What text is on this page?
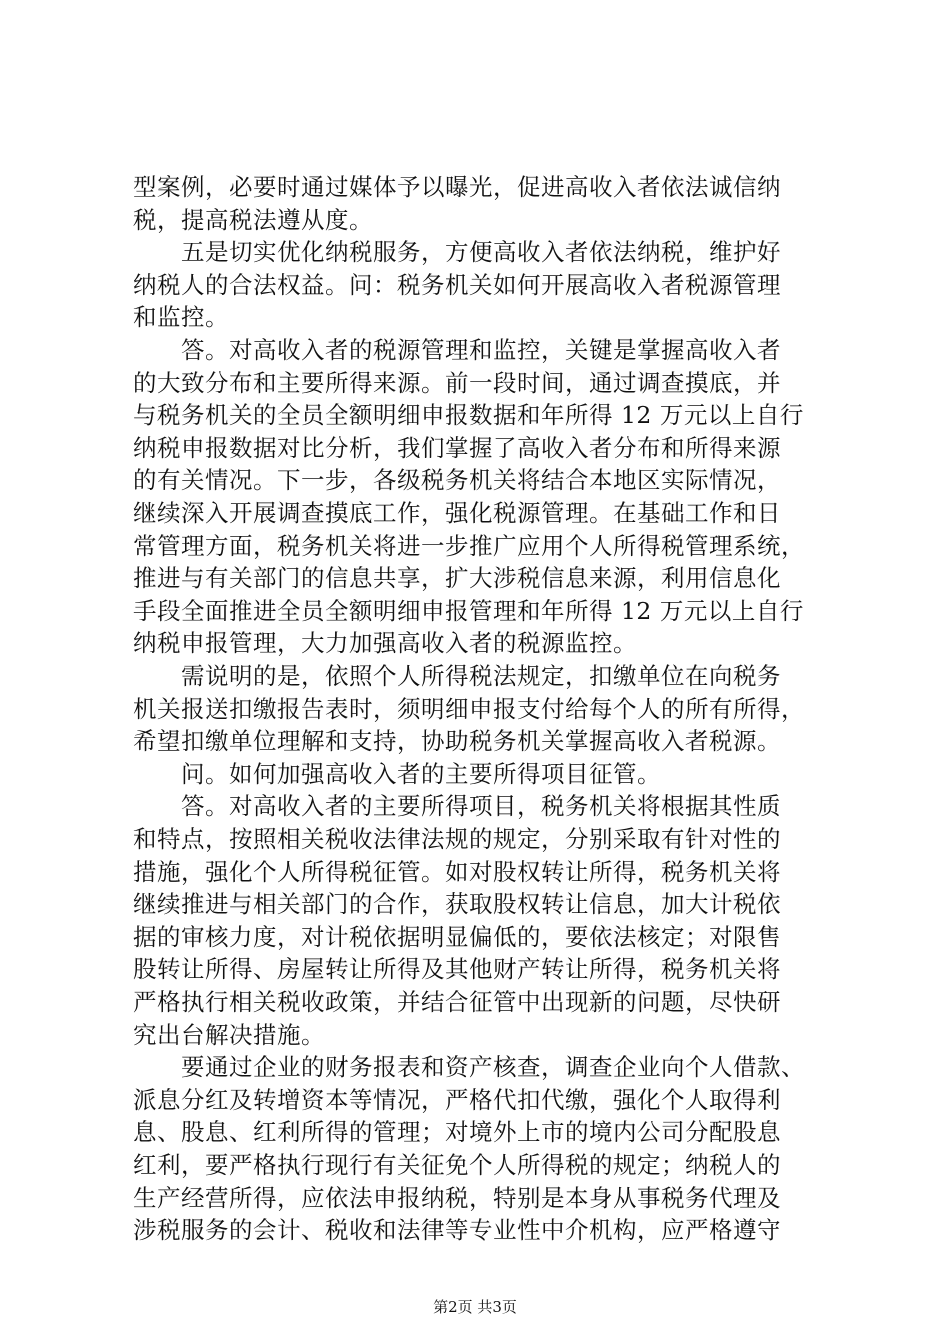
型案例，必要时通过媒体予以曝光，促进高收入者依法诚信纳
税，提高税法遵从度。
　　五是切实优化纳税服务，方便高收入者依法纳税，维护好
纳税人的合法权益。问：税务机关如何开展高收入者税源管理
和监控。
　　答。对高收入者的税源管理和监控，关键是掌握高收入者
的大致分布和主要所得来源。前一段时间，通过调查摸底，并
与税务机关的全员全额明细申报数据和年所得 12 万元以上自行
纳税申报数据对比分析，我们掌握了高收入者分布和所得来源
的有关情况。下一步，各级税务机关将结合本地区实际情况，
继续深入开展调查摸底工作，强化税源管理。在基础工作和日
常管理方面，税务机关将进一步推广应用个人所得税管理系统，
推进与有关部门的信息共享，扩大涉税信息来源，利用信息化
手段全面推进全员全额明细申报管理和年所得 12 万元以上自行
纳税申报管理，大力加强高收入者的税源监控。
　　需说明的是，依照个人所得税法规定，扣缴单位在向税务
机关报送扣缴报告表时，须明细申报支付给每个人的所有所得，
希望扣缴单位理解和支持，协助税务机关掌握高收入者税源。
　　问。如何加强高收入者的主要所得项目征管。
　　答。对高收入者的主要所得项目，税务机关将根据其性质
和特点，按照相关税收法律法规的规定，分别采取有针对性的
措施，强化个人所得税征管。如对股权转让所得，税务机关将
继续推进与相关部门的合作，获取股权转让信息，加大计税依
据的审核力度，对计税依据明显偏低的，要依法核定；对限售
股转让所得、房屋转让所得及其他财产转让所得，税务机关将
严格执行相关税收政策，并结合征管中出现新的问题，尽快研
究出台解决措施。
　　要通过企业的财务报表和资产核查，调查企业向个人借款、
派息分红及转增资本等情况，严格代扣代缴，强化个人取得利
息、股息、红利所得的管理；对境外上市的境内公司分配股息
红利，要严格执行现行有关征免个人所得税的规定；纳税人的
生产经营所得，应依法申报纳税，特别是本身从事税务代理及
涉税服务的会计、税收和法律等专业性中介机构，应严格遵守
第2页 共3页
